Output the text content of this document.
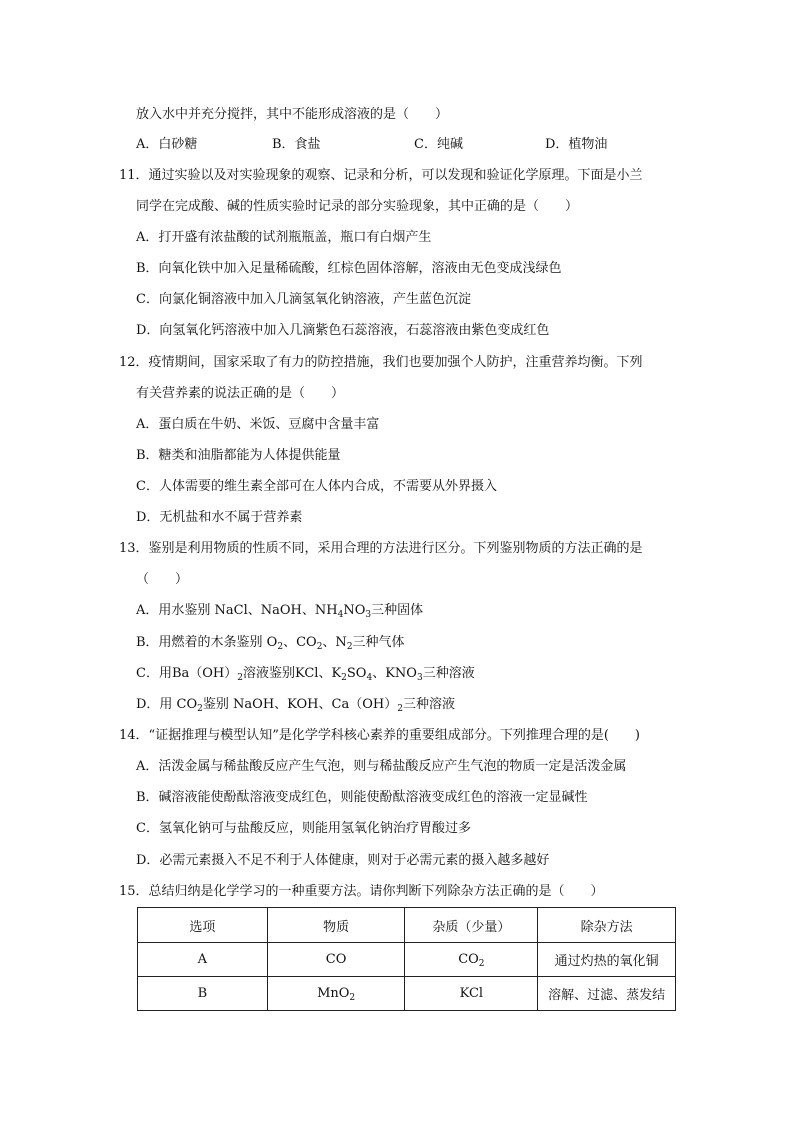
放入水中并充分搅拌，其中不能形成溶液的是（　　）
A．白砂糖	B．食盐	C．纯碱	D．植物油
11．通过实验以及对实验现象的观察、记录和分析，可以发现和验证化学原理。下面是小兰
同学在完成酸、碱的性质实验时记录的部分实验现象，其中正确的是（　　）
A．打开盛有浓盐酸的试剂瓶瓶盖，瓶口有白烟产生
B．向氧化铁中加入足量稀硫酸，红棕色固体溶解，溶液由无色变成浅绿色
C．向氯化铜溶液中加入几滴氢氧化钠溶液，产生蓝色沉淀
D．向氢氧化钙溶液中加入几滴紫色石蕊溶液，石蕊溶液由紫色变成红色
12．疫情期间，国家采取了有力的防控措施，我们也要加强个人防护，注重营养均衡。下列
有关营养素的说法正确的是（　　）
A．蛋白质在牛奶、米饭、豆腐中含量丰富
B．糖类和油脂都能为人体提供能量
C．人体需要的维生素全部可在人体内合成，不需要从外界摄入
D．无机盐和水不属于营养素
13．鉴别是利用物质的性质不同，采用合理的方法进行区分。下列鉴别物质的方法正确的是
（　　）
A．用水鉴别 NaCl、NaOH、$NH_4NO_3$三种固体
B．用燃着的木条鉴别 $O_2$、$CO_2$、$N_2$三种气体
C．用$Ba(OH)_2$溶液鉴别KCl、$K_2SO_4$、$KNO_3$三种溶液
D．用 $CO_2$鉴别 NaOH、KOH、$Ca(OH)_2$三种溶液
14．“证据推理与模型认知”是化学学科核心素养的重要组成部分。下列推理合理的是(　　)
A．活泼金属与稀盐酸反应产生气泡，则与稀盐酸反应产生气泡的物质一定是活泼金属
B．碱溶液能使酚酞溶液变成红色，则能使酚酞溶液变成红色的溶液一定显碱性
C．氢氧化钠可与盐酸反应，则能用氢氧化钠治疗胃酸过多
D．必需元素摄入不足不利于人体健康，则对于必需元素的摄入越多越好
15．总结归纳是化学学习的一种重要方法。请你判断下列除杂方法正确的是（　　）
选项	物质	杂质（少量）	除杂方法
A	CO	$CO_2$	通过灼热的氧化铜
B	MnO$_2$	KCl	溶解、过滤、蒸发结
